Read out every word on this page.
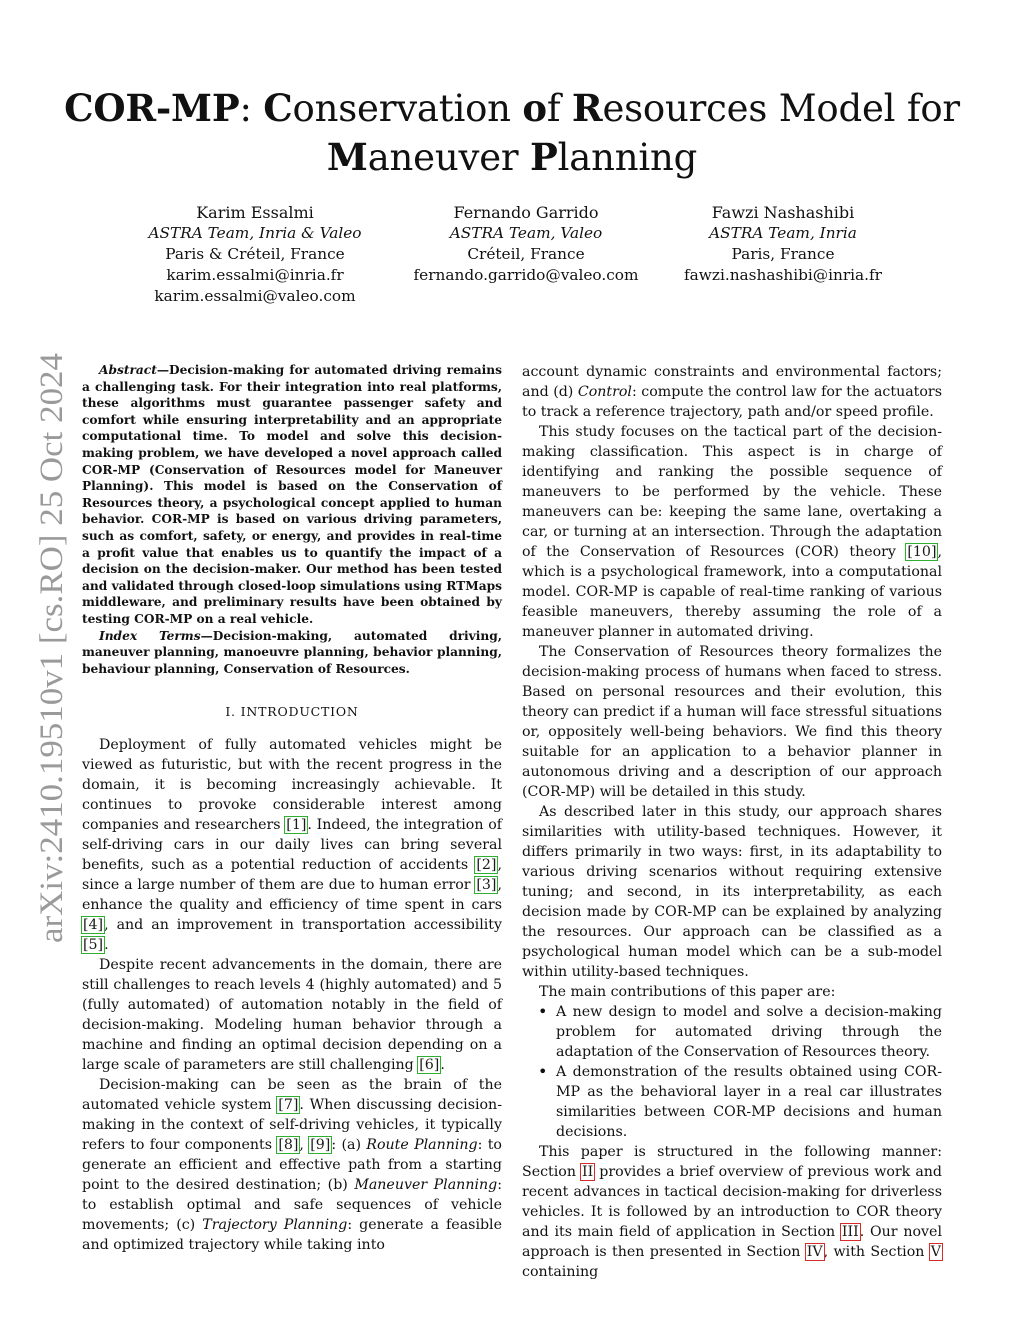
arXiv:2410.19510v1 [cs.RO] 25 Oct 2024
COR-MP: Conservation of Resources Model for
Maneuver Planning
Karim Essalmi
ASTRA Team, Inria & Valeo
Paris & Créteil, France
karim.essalmi@inria.fr
karim.essalmi@valeo.com
Fernando Garrido
ASTRA Team, Valeo
Créteil, France
fernando.garrido@valeo.com
Fawzi Nashashibi
ASTRA Team, Inria
Paris, France
fawzi.nashashibi@inria.fr

Abstract—Decision-making for automated driving remains a challenging task. For their integration into real platforms, these algorithms must guarantee passenger safety and comfort while ensuring interpretability and an appropriate computational time. To model and solve this decision-making problem, we have developed a novel approach called COR-MP (Conservation of Resources model for Maneuver Planning). This model is based on the Conservation of Resources theory, a psychological concept applied to human behavior. COR-MP is based on various driving parameters, such as comfort, safety, or energy, and provides in real-time a profit value that enables us to quantify the impact of a decision on the decision-maker. Our method has been tested and validated through closed-loop simulations using RTMaps middleware, and preliminary results have been obtained by testing COR-MP on a real vehicle.

Index Terms—Decision-making, automated driving, maneuver planning, manoeuvre planning, behavior planning, behaviour planning, Conservation of Resources.

I. INTRODUCTION

Deployment of fully automated vehicles might be viewed as futuristic, but with the recent progress in the domain, it is becoming increasingly achievable. It continues to provoke considerable interest among companies and researchers [1]. Indeed, the integration of self-driving cars in our daily lives can bring several benefits, such as a potential reduction of accidents [2], since a large number of them are due to human error [3], enhance the quality and efficiency of time spent in cars [4], and an improvement in transportation accessibility [5].

Despite recent advancements in the domain, there are still challenges to reach levels 4 (highly automated) and 5 (fully automated) of automation notably in the field of decision-making. Modeling human behavior through a machine and finding an optimal decision depending on a large scale of parameters are still challenging [6].

Decision-making can be seen as the brain of the automated vehicle system [7]. When discussing decision-making in the context of self-driving vehicles, it typically refers to four components [8], [9]: (a) Route Planning: to generate an efficient and effective path from a starting point to the desired destination; (b) Maneuver Planning: to establish optimal and safe sequences of vehicle movements; (c) Trajectory Planning: generate a feasible and optimized trajectory while taking into

account dynamic constraints and environmental factors; and (d) Control: compute the control law for the actuators to track a reference trajectory, path and/or speed profile.

This study focuses on the tactical part of the decision-making classification. This aspect is in charge of identifying and ranking the possible sequence of maneuvers to be performed by the vehicle. These maneuvers can be: keeping the same lane, overtaking a car, or turning at an intersection. Through the adaptation of the Conservation of Resources (COR) theory [10], which is a psychological framework, into a computational model. COR-MP is capable of real-time ranking of various feasible maneuvers, thereby assuming the role of a maneuver planner in automated driving.

The Conservation of Resources theory formalizes the decision-making process of humans when faced to stress. Based on personal resources and their evolution, this theory can predict if a human will face stressful situations or, oppositely well-being behaviors. We find this theory suitable for an application to a behavior planner in autonomous driving and a description of our approach (COR-MP) will be detailed in this study.

As described later in this study, our approach shares similarities with utility-based techniques. However, it differs primarily in two ways: first, in its adaptability to various driving scenarios without requiring extensive tuning; and second, in its interpretability, as each decision made by COR-MP can be explained by analyzing the resources. Our approach can be classified as a psychological human model which can be a sub-model within utility-based techniques.

The main contributions of this paper are:

• A new design to model and solve a decision-making problem for automated driving through the adaptation of the Conservation of Resources theory.
• A demonstration of the results obtained using COR-MP as the behavioral layer in a real car illustrates similarities between COR-MP decisions and human decisions.

This paper is structured in the following manner: Section II provides a brief overview of previous work and recent advances in tactical decision-making for driverless vehicles. It is followed by an introduction to COR theory and its main field of application in Section III. Our novel approach is then presented in Section IV, with Section V containing
